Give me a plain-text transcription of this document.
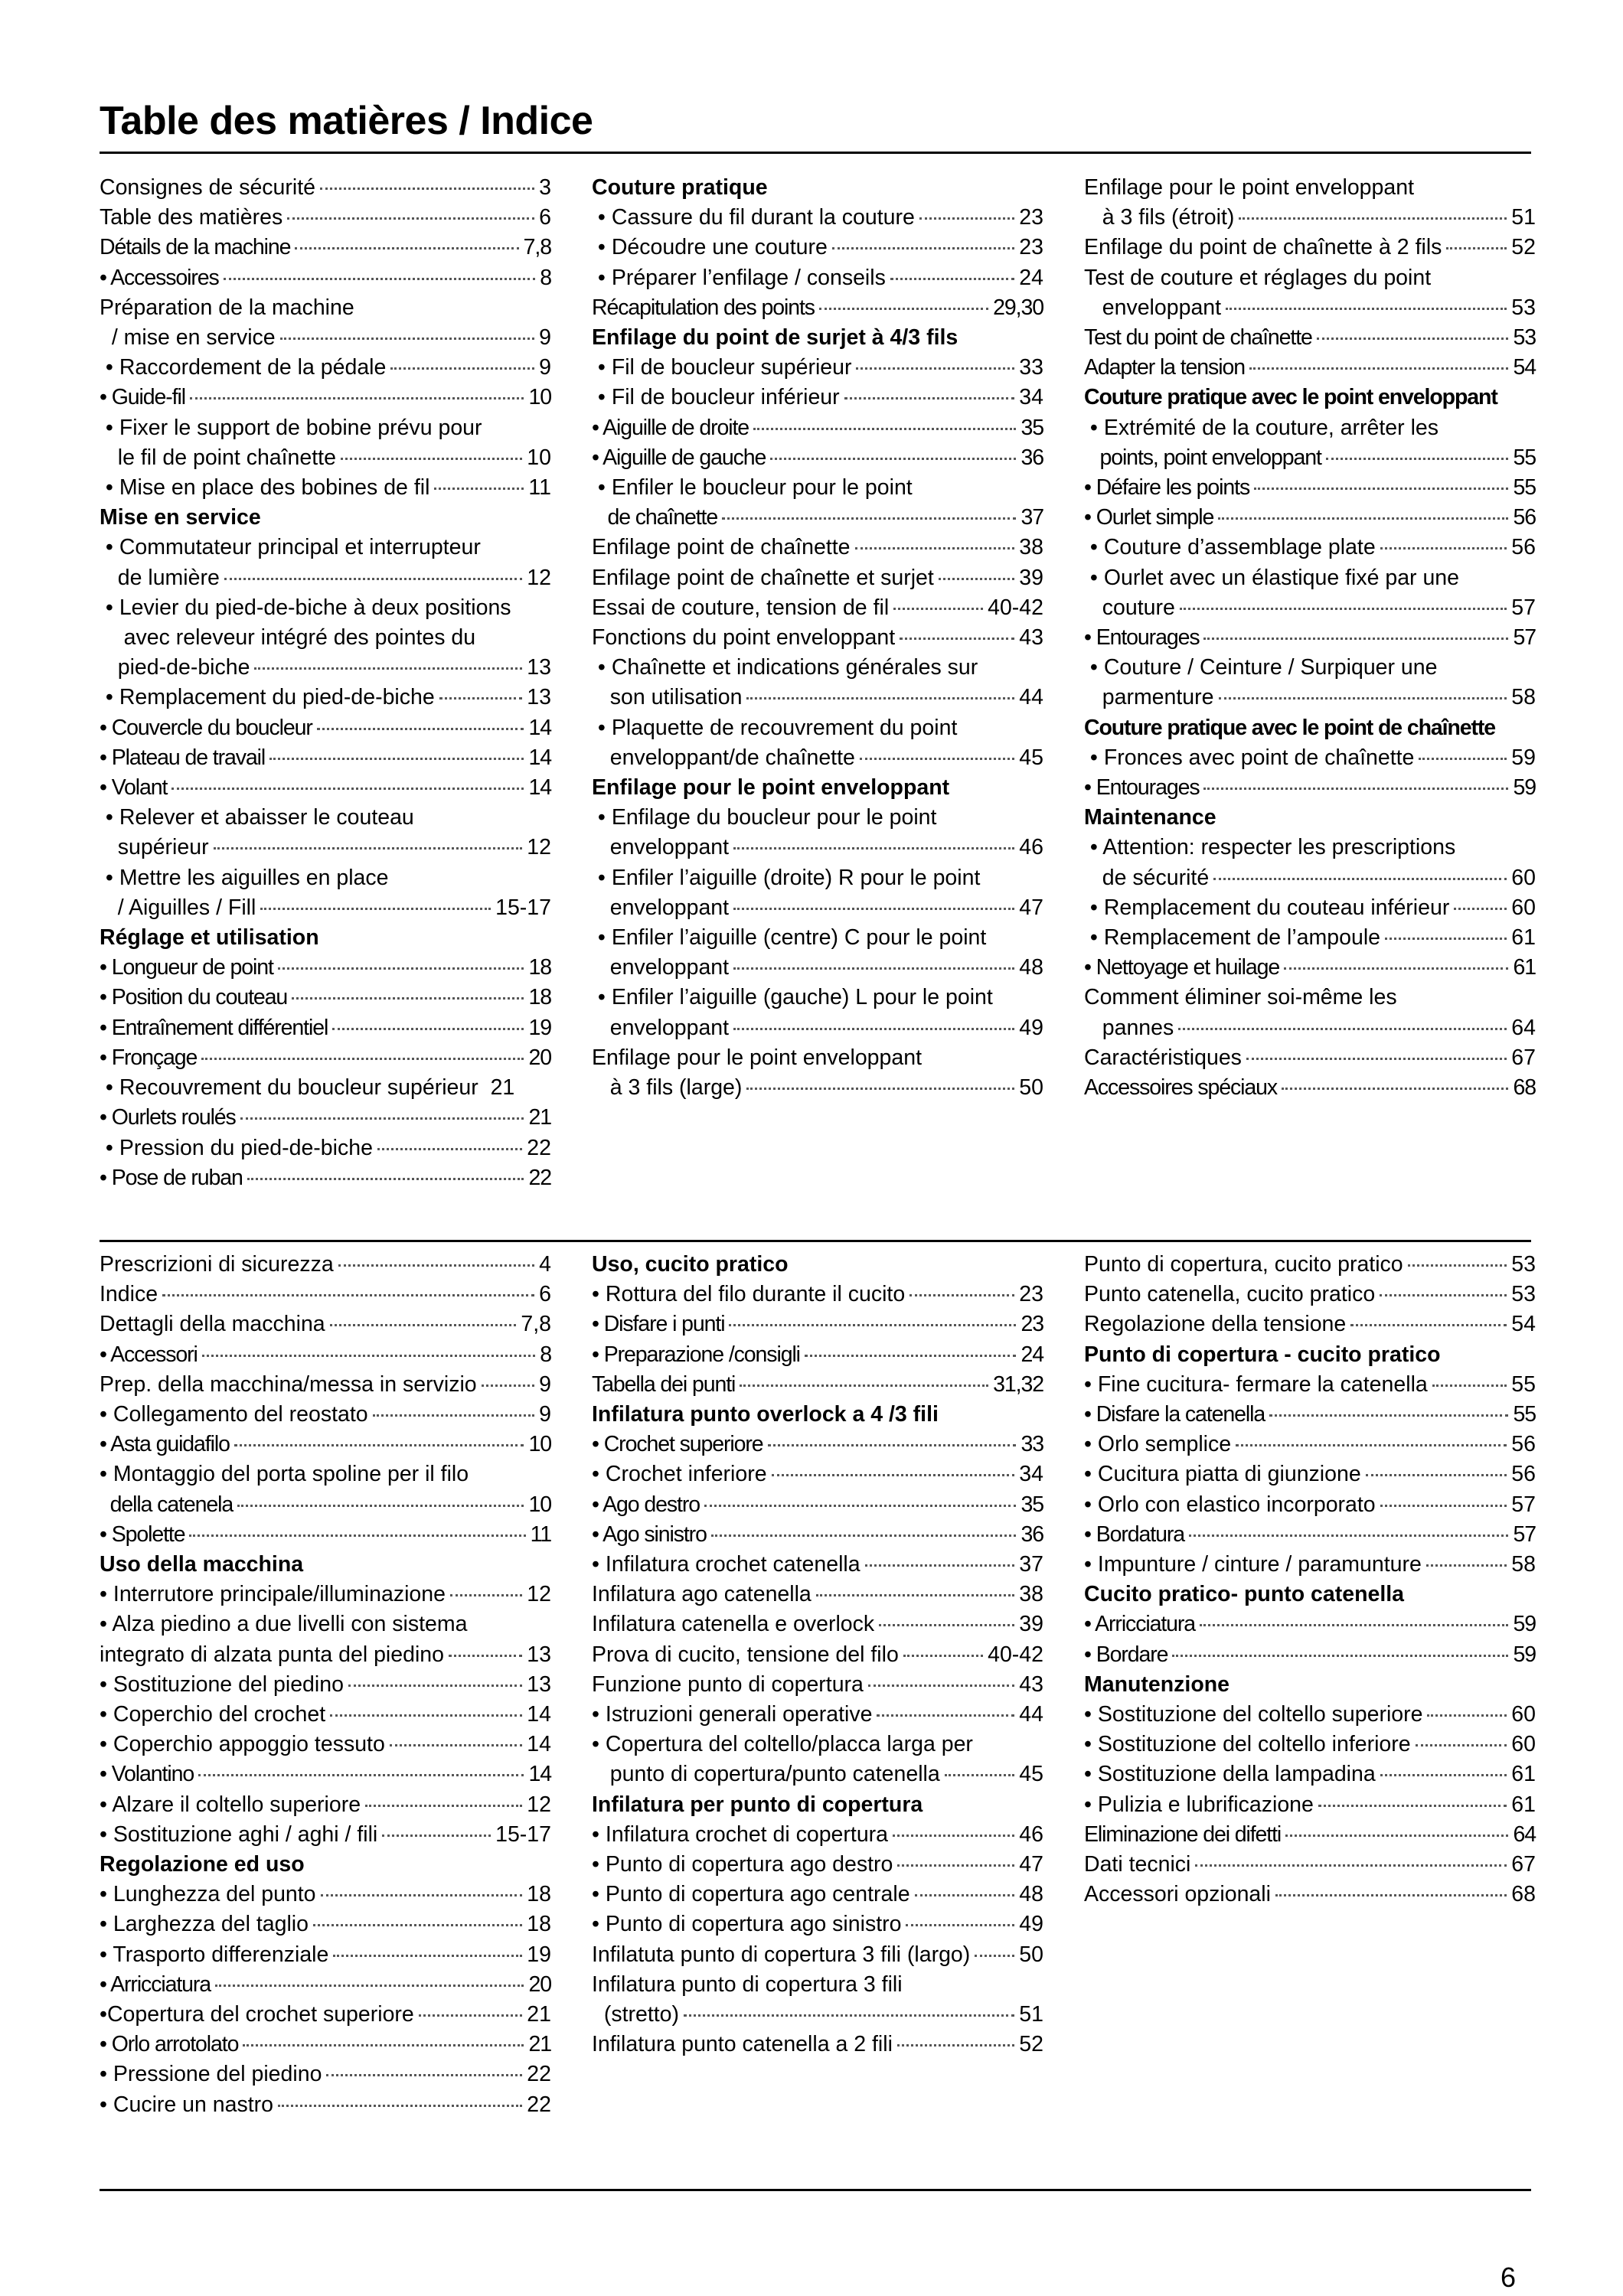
Table des matières / Indice
Consignes de sécurité	3
Table des matières	6
Détails de la machine	7,8
• Accessoires	8
Préparation de la machine
/ mise en service	9
• Raccordement de la pédale	9
• Guide-fil	10
• Fixer le support de bobine prévu pour
le fil de point chaînette	10
• Mise en place des bobines de fil	11
Mise en service
• Commutateur principal et interrupteur
de lumière	12
• Levier du pied-de-biche à deux positions
avec releveur intégré des pointes du
pied-de-biche	13
• Remplacement du pied-de-biche	13
• Couvercle du boucleur	14
• Plateau de travail	14
• Volant	14
• Relever et abaisser le couteau
supérieur	12
• Mettre les aiguilles en place
/ Aiguilles / Fill	15-17
Réglage et utilisation
• Longueur de point	18
• Position du couteau	18
• Entraînement différentiel	19
• Fronçage	20
• Recouvrement du boucleur supérieur  21
• Ourlets roulés	21
• Pression du pied-de-biche	22
• Pose de ruban	22
Couture pratique
• Cassure du fil durant la couture	23
• Découdre une couture	23
• Préparer l’enfilage / conseils	24
Récapitulation des points	29,30
Enfilage du point de surjet à 4/3 fils
• Fil de boucleur supérieur	33
• Fil de boucleur inférieur	34
• Aiguille de droite	35
• Aiguille de gauche	36
• Enfiler le boucleur pour le point
de chaînette	37
Enfilage point de chaînette	38
Enfilage point de chaînette et surjet	39
Essai de couture, tension de fil	40-42
Fonctions du point enveloppant	43
• Chaînette et indications générales sur
son utilisation	44
• Plaquette de recouvrement du point
enveloppant/de chaînette	45
Enfilage pour le point enveloppant
• Enfilage du boucleur pour le point
enveloppant	46
• Enfiler l’aiguille (droite) R pour le point
enveloppant	47
• Enfiler l’aiguille (centre) C pour le point
enveloppant	48
• Enfiler l’aiguille (gauche) L pour le point
enveloppant	49
Enfilage pour le point enveloppant
à 3 fils (large)	50
Enfilage pour le point enveloppant
à 3 fils (étroit)	51
Enfilage du point de chaînette à 2 fils	52
Test de couture et réglages du point
enveloppant	53
Test du point de chaînette	53
Adapter la tension	54
Couture pratique avec le point enveloppant
• Extrémité de la couture, arrêter les
points, point enveloppant	55
• Défaire les points	55
• Ourlet simple	56
• Couture d’assemblage plate	56
• Ourlet avec un élastique fixé par une
couture	57
• Entourages	57
• Couture / Ceinture / Surpiquer une
parmenture	58
Couture pratique avec le point de chaînette
• Fronces avec point de chaînette	59
• Entourages	59
Maintenance
• Attention: respecter les prescriptions
de sécurité	60
• Remplacement du couteau inférieur	60
• Remplacement de l’ampoule	61
• Nettoyage et huilage	61
Comment éliminer soi-même les
pannes	64
Caractéristiques	67
Accessoires spéciaux	68
Prescrizioni di sicurezza	4
Indice	6
Dettagli della macchina	7,8
• Accessori	8
Prep. della macchina/messa in servizio	9
• Collegamento del reostato	9
• Asta guidafilo	10
• Montaggio del porta spoline per il filo
della catenela	10
• Spolette	11
Uso della macchina
• Interrutore principale/illuminazione	12
• Alza piedino a due livelli con sistema
integrato di alzata punta del piedino	13
• Sostituzione del piedino	13
• Coperchio del crochet	14
• Coperchio appoggio tessuto	14
• Volantino	14
• Alzare il coltello superiore	12
• Sostituzione aghi / aghi / fili	15-17
Regolazione ed uso
• Lunghezza del punto	18
• Larghezza del taglio	18
• Trasporto differenziale	19
• Arricciatura	20
•Copertura del crochet superiore	21
• Orlo arrotolato	21
• Pressione del piedino	22
• Cucire un nastro	22
Uso, cucito pratico
• Rottura del filo durante il cucito	23
• Disfare i punti	23
• Preparazione /consigli	24
Tabella dei punti	31,32
Infilatura punto overlock a 4 /3 fili
• Crochet superiore	33
• Crochet inferiore	34
• Ago destro	35
• Ago sinistro	36
• Infilatura crochet catenella	37
Infilatura ago catenella	38
Infilatura catenella e overlock	39
Prova di cucito, tensione del filo	40-42
Funzione punto di copertura	43
• Istruzioni generali operative	44
• Copertura del coltello/placca larga per
punto di copertura/punto catenella	45
Infilatura per punto di copertura
• Infilatura crochet di copertura	46
• Punto di copertura ago destro	47
• Punto di copertura ago centrale	48
• Punto di copertura ago sinistro	49
Infilatuta punto di copertura 3 fili (largo) 50
Infilatura punto di copertura 3 fili
(stretto)	51
Infilatura punto catenella a 2 fili	52
Punto di copertura, cucito pratico	53
Punto catenella, cucito pratico	53
Regolazione della tensione	54
Punto di copertura - cucito pratico
• Fine cucitura- fermare la catenella	55
• Disfare la catenella	55
• Orlo semplice	56
• Cucitura piatta di giunzione	56
• Orlo con elastico incorporato	57
• Bordatura	57
• Impunture / cinture / paramunture	58
Cucito pratico- punto catenella
• Arricciatura	59
• Bordare	59
Manutenzione
• Sostituzione del coltello superiore	60
• Sostituzione del coltello inferiore	60
• Sostituzione della lampadina	61
• Pulizia e lubrificazione	61
Eliminazione dei difetti	64
Dati tecnici	67
Accessori opzionali	68
6
